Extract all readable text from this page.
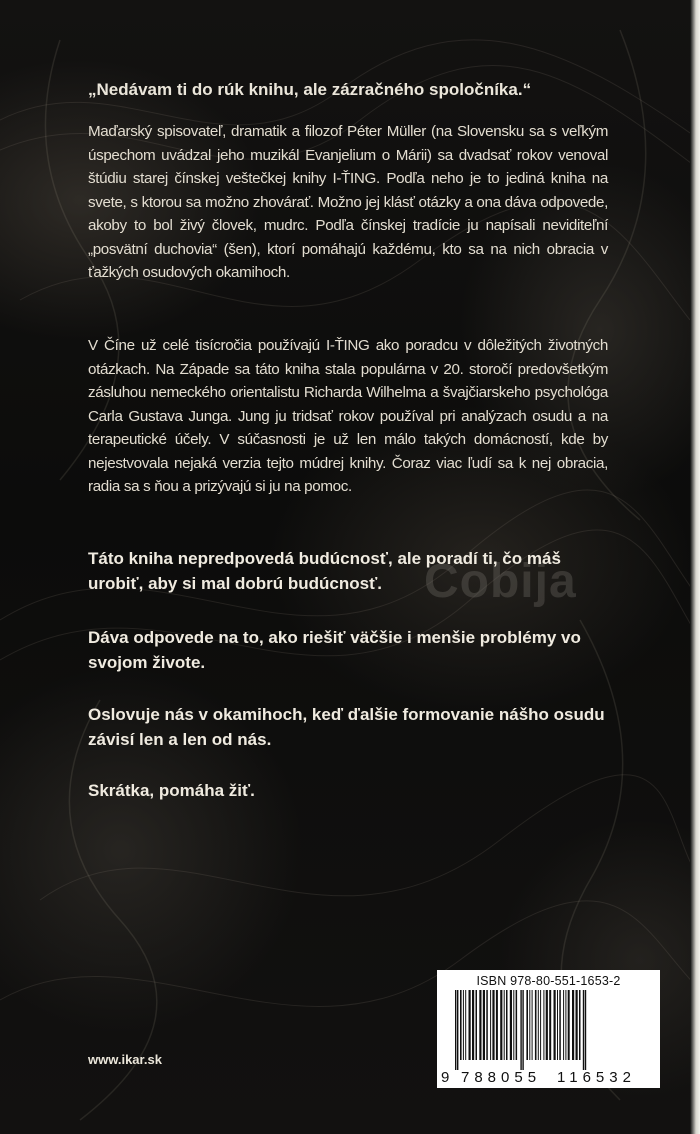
„Nedávam ti do rúk knihu, ale zázračného spoločníka.“
Maďarský spisovateľ, dramatik a filozof Péter Müller (na Slovensku sa s veľkým úspechom uvádzal jeho muzikál Evanjelium o Márii) sa dvadsať rokov venoval štúdiu starej čínskej veštečkej knihy I-ŤING. Podľa neho je to jediná kniha na svete, s ktorou sa možno zhovárať. Možno jej klásť otázky a ona dáva odpovede, akoby to bol živý človek, mudrc. Podľa čínskej tradície ju napísali neviditeľní „posvätní duchovia“ (šen), ktorí pomáhajú každému, kto sa na nich obracia v ťažkých osudových okamihoch.
V Číne už celé tisícročia používajú I-ŤING ako poradcu v dôležitých životných otázkach. Na Západe sa táto kniha stala populárna v 20. storočí predovšetkým zásluhou nemeckého orientalistu Richarda Wilhelma a švajčiarskeho psychológa Carla Gustava Junga. Jung ju tridsať rokov používal pri analýzach osudu a na terapeutické účely. V súčasnosti je už len málo takých domácností, kde by nejestvovala nejaká verzia tejto múdrej knihy. Čoraz viac ľudí sa k nej obracia, radia sa s ňou a prizývajú si ju na pomoc.
Cobija
Táto kniha nepredpovedá budúcnosť, ale poradí ti, čo máš urobiť, aby si mal dobrú budúcnosť.
Dáva odpovede na to, ako riešiť väčšie i menšie problémy vo svojom živote.
Oslovuje nás v okamihoch, keď ďalšie formovanie nášho osudu závisí len a len od nás.
Skrátka, pomáha žiť.
www.ikar.sk
ISBN 978-80-551-1653-2
9 788055 116532
